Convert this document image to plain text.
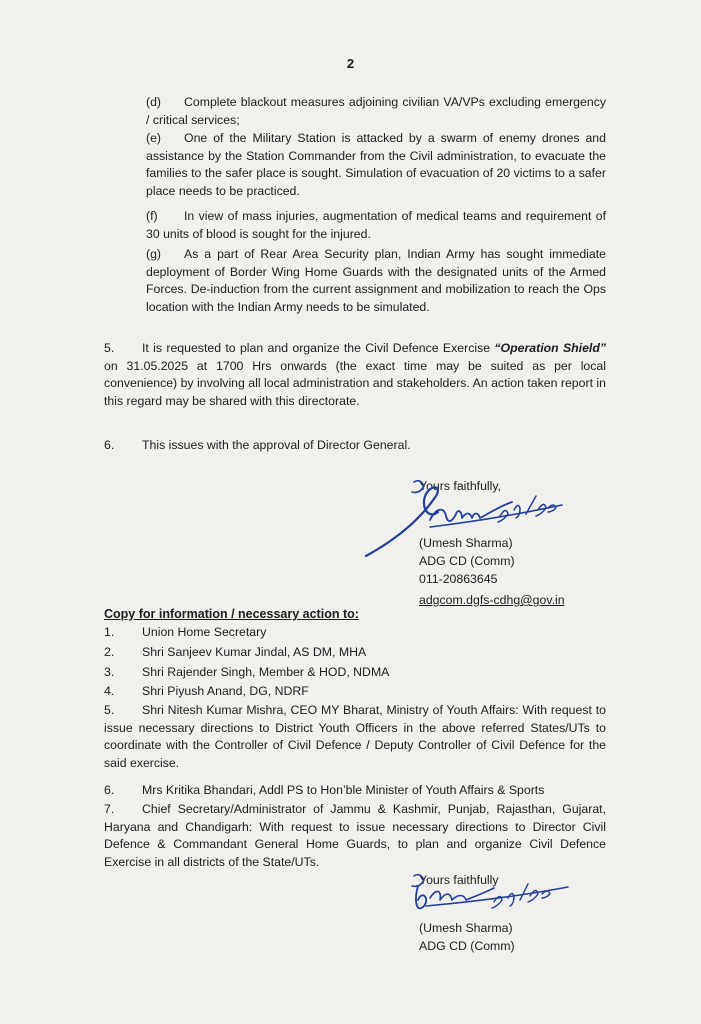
2
(d) Complete blackout measures adjoining civilian VA/VPs excluding emergency / critical services;
(e) One of the Military Station is attacked by a swarm of enemy drones and assistance by the Station Commander from the Civil administration, to evacuate the families to the safer place is sought. Simulation of evacuation of 20 victims to a safer place needs to be practiced.
(f) In view of mass injuries, augmentation of medical teams and requirement of 30 units of blood is sought for the injured.
(g) As a part of Rear Area Security plan, Indian Army has sought immediate deployment of Border Wing Home Guards with the designated units of the Armed Forces. De-induction from the current assignment and mobilization to reach the Ops location with the Indian Army needs to be simulated.
5. It is requested to plan and organize the Civil Defence Exercise “Operation Shield” on 31.05.2025 at 1700 Hrs onwards (the exact time may be suited as per local convenience) by involving all local administration and stakeholders. An action taken report in this regard may be shared with this directorate.
6. This issues with the approval of Director General.
Yours faithfully,
(Umesh Sharma)
ADG CD (Comm)
011-20863645
adgcom.dgfs-cdhg@gov.in
Copy for information / necessary action to:
1. Union Home Secretary
2. Shri Sanjeev Kumar Jindal, AS DM, MHA
3. Shri Rajender Singh, Member & HOD, NDMA
4. Shri Piyush Anand, DG, NDRF
5. Shri Nitesh Kumar Mishra, CEO MY Bharat, Ministry of Youth Affairs: With request to issue necessary directions to District Youth Officers in the above referred States/UTs to coordinate with the Controller of Civil Defence / Deputy Controller of Civil Defence for the said exercise.
6. Mrs Kritika Bhandari, Addl PS to Hon’ble Minister of Youth Affairs & Sports
7. Chief Secretary/Administrator of Jammu & Kashmir, Punjab, Rajasthan, Gujarat, Haryana and Chandigarh: With request to issue necessary directions to Director Civil Defence & Commandant General Home Guards, to plan and organize Civil Defence Exercise in all districts of the State/UTs.
Yours faithfully
(Umesh Sharma)
ADG CD (Comm)
